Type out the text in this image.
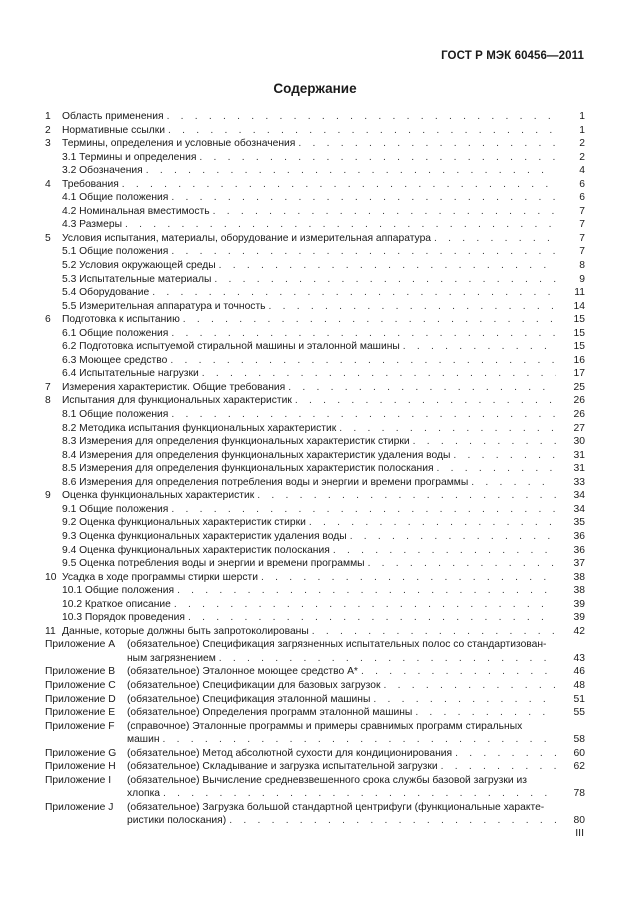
ГОСТ Р МЭК 60456—2011
Содержание
1	Область применения . . .	1
2	Нормативные ссылки . . .	1
3	Термины, определения и условные обозначения . . .	2
3.1 Термины и определения . . .	2
3.2 Обозначения . . .	4
4	Требования . . .	6
4.1 Общие положения . . .	6
4.2 Номинальная вместимость . . .	7
4.3 Размеры . . .	7
5	Условия испытания, материалы, оборудование и измерительная аппаратура . . .	7
5.1 Общие положения . . .	7
5.2 Условия окружающей среды . . .	8
5.3 Испытательные материалы . . .	9
5.4 Оборудование . . .	11
5.5 Измерительная аппаратура и точность . . .	14
6	Подготовка к испытанию . . .	15
6.1 Общие положения . . .	15
6.2 Подготовка испытуемой стиральной машины и эталонной машины . . .	15
6.3 Моющее средство . . .	16
6.4 Испытательные нагрузки . . .	17
7	Измерения характеристик. Общие требования . . .	25
8	Испытания для функциональных характеристик . . .	26
8.1 Общие положения . . .	26
8.2 Методика испытания функциональных характеристик . . .	27
8.3 Измерения для определения функциональных характеристик стирки . . .	30
8.4 Измерения для определения функциональных характеристик удаления воды . . .	31
8.5 Измерения для определения функциональных характеристик полоскания . . .	31
8.6 Измерения для определения потребления воды и энергии и времени программы . . .	33
9	Оценка функциональных характеристик . . .	34
9.1 Общие положения . . .	34
9.2 Оценка функциональных характеристик стирки . . .	35
9.3 Оценка функциональных характеристик удаления воды . . .	36
9.4 Оценка функциональных характеристик полоскания . . .	36
9.5 Оценка потребления воды и энергии и времени программы . . .	37
10 Усадка в ходе программы стирки шерсти . . .	38
10.1 Общие положения . . .	38
10.2 Краткое описание . . .	39
10.3 Порядок проведения . . .	39
11 Данные, которые должны быть запротоколированы . . .	42
Приложение А	(обязательное) Спецификация загрязненных испытательных полос со стандартизован-
ным загрязнением . . .	43
Приложение В	(обязательное) Эталонное моющее средство А* . . .	46
Приложение С	(обязательное) Спецификации для базовых загрузок . . .	48
Приложение D	(обязательное) Спецификация эталонной машины . . .	51
Приложение Е	(обязательное) Определения программ эталонной машины . . .	55
Приложение F	(справочное) Эталонные программы и примеры сравнимых программ стиральных
машин . . .	58
Приложение G	(обязательное) Метод абсолютной сухости для кондиционирования . . .	60
Приложение Н	(обязательное) Складывание и загрузка испытательной загрузки . . .	62
Приложение I	(обязательное) Вычисление средневзвешенного срока службы базовой загрузки из
хлопка . . .	78
Приложение J	(обязательное) Загрузка большой стандартной центрифуги (функциональные характе-
ристики полоскания) . . .	80
III
